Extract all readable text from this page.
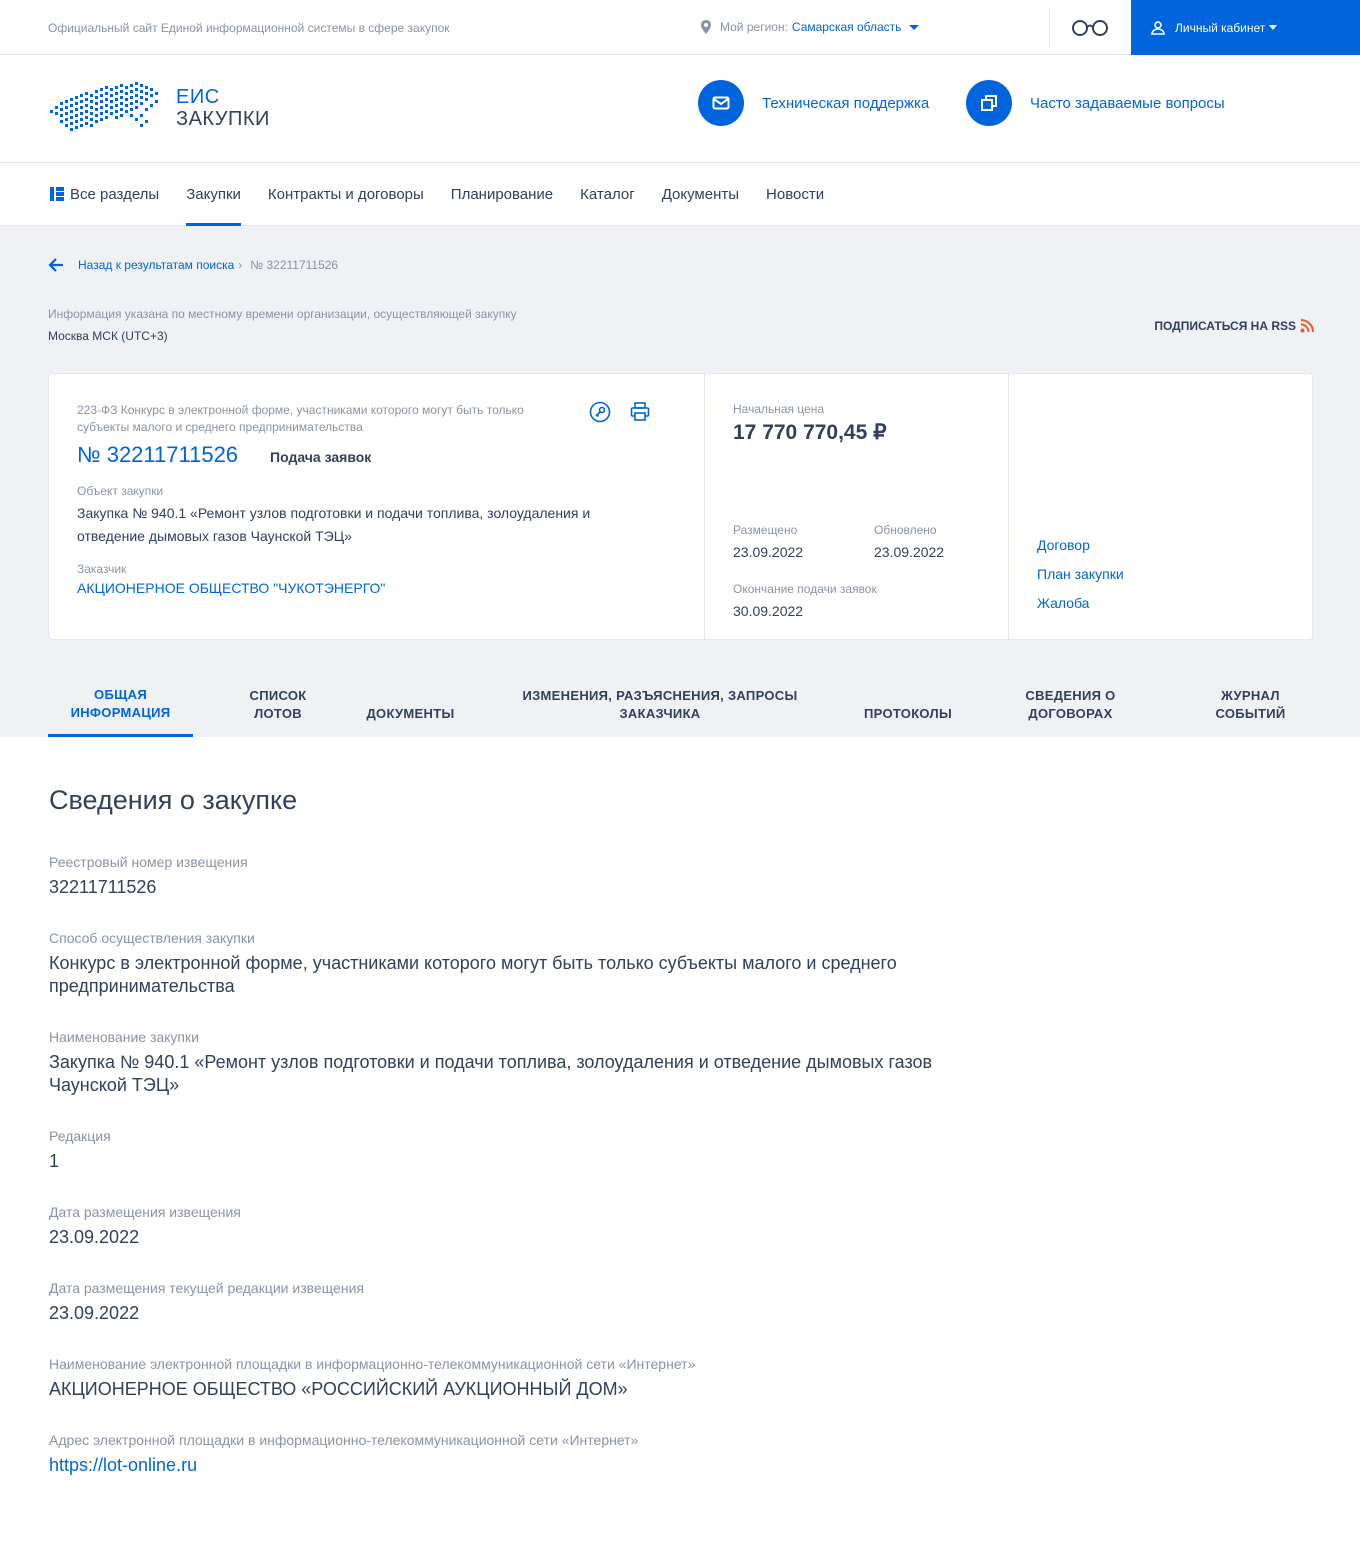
Официальный сайт Единой информационной системы в сфере закупок	Мой регион: Самарская область	Личный кабинет
ЕИС
ЗАКУПКИ
Техническая поддержка	Часто задаваемые вопросы
Все разделы Закупки Контракты и договоры Планирование Каталог Документы Новости
Назад к результатам поиска › № 32211711526
Информация указана по местному времени организации, осуществляющей закупку
Москва МСК (UTC+3)
ПОДПИСАТЬСЯ НА RSS
223-ФЗ Конкурс в электронной форме, участниками которого могут быть только субъекты малого и среднего предпринимательства
№ 32211711526 Подача заявок
Объект закупки
Закупка № 940.1 «Ремонт узлов подготовки и подачи топлива, золоудаления и отведение дымовых газов Чаунской ТЭЦ»
Заказчик
АКЦИОНЕРНОЕ ОБЩЕСТВО "ЧУКОТЭНЕРГО"
Начальная цена
17 770 770,45 ₽
Размещено
23.09.2022
Обновлено
23.09.2022
Окончание подачи заявок
30.09.2022
Договор
План закупки
Жалоба
ОБЩАЯ
ИНФОРМАЦИЯ
СПИСОК
ЛОТОВ	ДОКУМЕНТЫ
ИЗМЕНЕНИЯ, РАЗЪЯСНЕНИЯ, ЗАПРОСЫ
ЗАКАЗЧИКА	ПРОТОКОЛЫ
СВЕДЕНИЯ О
ДОГОВОРАХ
ЖУРНАЛ
СОБЫТИЙ
Сведения о закупке
Реестровый номер извещения
32211711526
Способ осуществления закупки
Конкурс в электронной форме, участниками которого могут быть только субъекты малого и среднего предпринимательства
Наименование закупки
Закупка № 940.1 «Ремонт узлов подготовки и подачи топлива, золоудаления и отведение дымовых газов Чаунской ТЭЦ»
Редакция
1
Дата размещения извещения
23.09.2022
Дата размещения текущей редакции извещения
23.09.2022
Наименование электронной площадки в информационно-телекоммуникационной сети «Интернет»
АКЦИОНЕРНОЕ ОБЩЕСТВО «РОССИЙСКИЙ АУКЦИОННЫЙ ДОМ»
Адрес электронной площадки в информационно-телекоммуникационной сети «Интернет»
https://lot-online.ru
